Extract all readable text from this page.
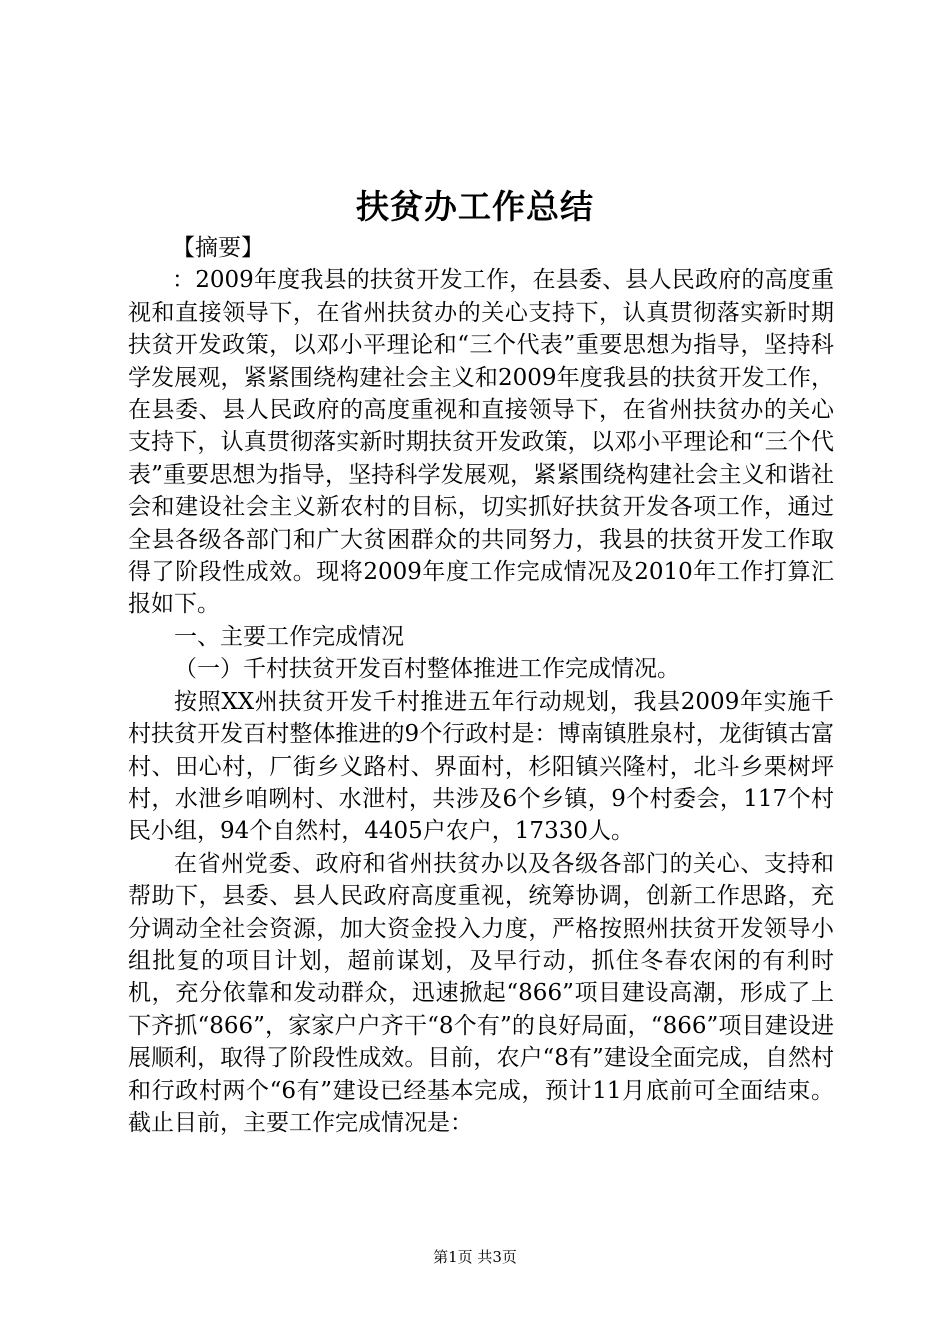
扶贫办工作总结

【摘要】

：2009年度我县的扶贫开发工作，在县委、县人民政府的高度重视和直接领导下，在省州扶贫办的关心支持下，认真贯彻落实新时期扶贫开发政策，以邓小平理论和“三个代表”重要思想为指导，坚持科学发展观，紧紧围绕构建社会主义和2009年度我县的扶贫开发工作，在县委、县人民政府的高度重视和直接领导下，在省州扶贫办的关心支持下，认真贯彻落实新时期扶贫开发政策，以邓小平理论和“三个代表”重要思想为指导，坚持科学发展观，紧紧围绕构建社会主义和谐社会和建设社会主义新农村的目标，切实抓好扶贫开发各项工作，通过全县各级各部门和广大贫困群众的共同努力，我县的扶贫开发工作取得了阶段性成效。现将2009年度工作完成情况及2010年工作打算汇报如下。

一、主要工作完成情况

（一）千村扶贫开发百村整体推进工作完成情况。

按照XX州扶贫开发千村推进五年行动规划，我县2009年实施千村扶贫开发百村整体推进的9个行政村是：博南镇胜泉村，龙街镇古富村、田心村，厂街乡义路村、界面村，杉阳镇兴隆村，北斗乡栗树坪村，水泄乡咱咧村、水泄村，共涉及6个乡镇，9个村委会，117个村民小组，94个自然村，4405户农户，17330人。

在省州党委、政府和省州扶贫办以及各级各部门的关心、支持和帮助下，县委、县人民政府高度重视，统筹协调，创新工作思路，充分调动全社会资源，加大资金投入力度，严格按照州扶贫开发领导小组批复的项目计划，超前谋划，及早行动，抓住冬春农闲的有利时机，充分依靠和发动群众，迅速掀起“866”项目建设高潮，形成了上下齐抓“866”，家家户户齐干“8个有”的良好局面，“866”项目建设进展顺利，取得了阶段性成效。目前，农户“8有”建设全面完成，自然村和行政村两个“6有”建设已经基本完成，预计11月底前可全面结束。截止目前，主要工作完成情况是：

第1页 共3页
